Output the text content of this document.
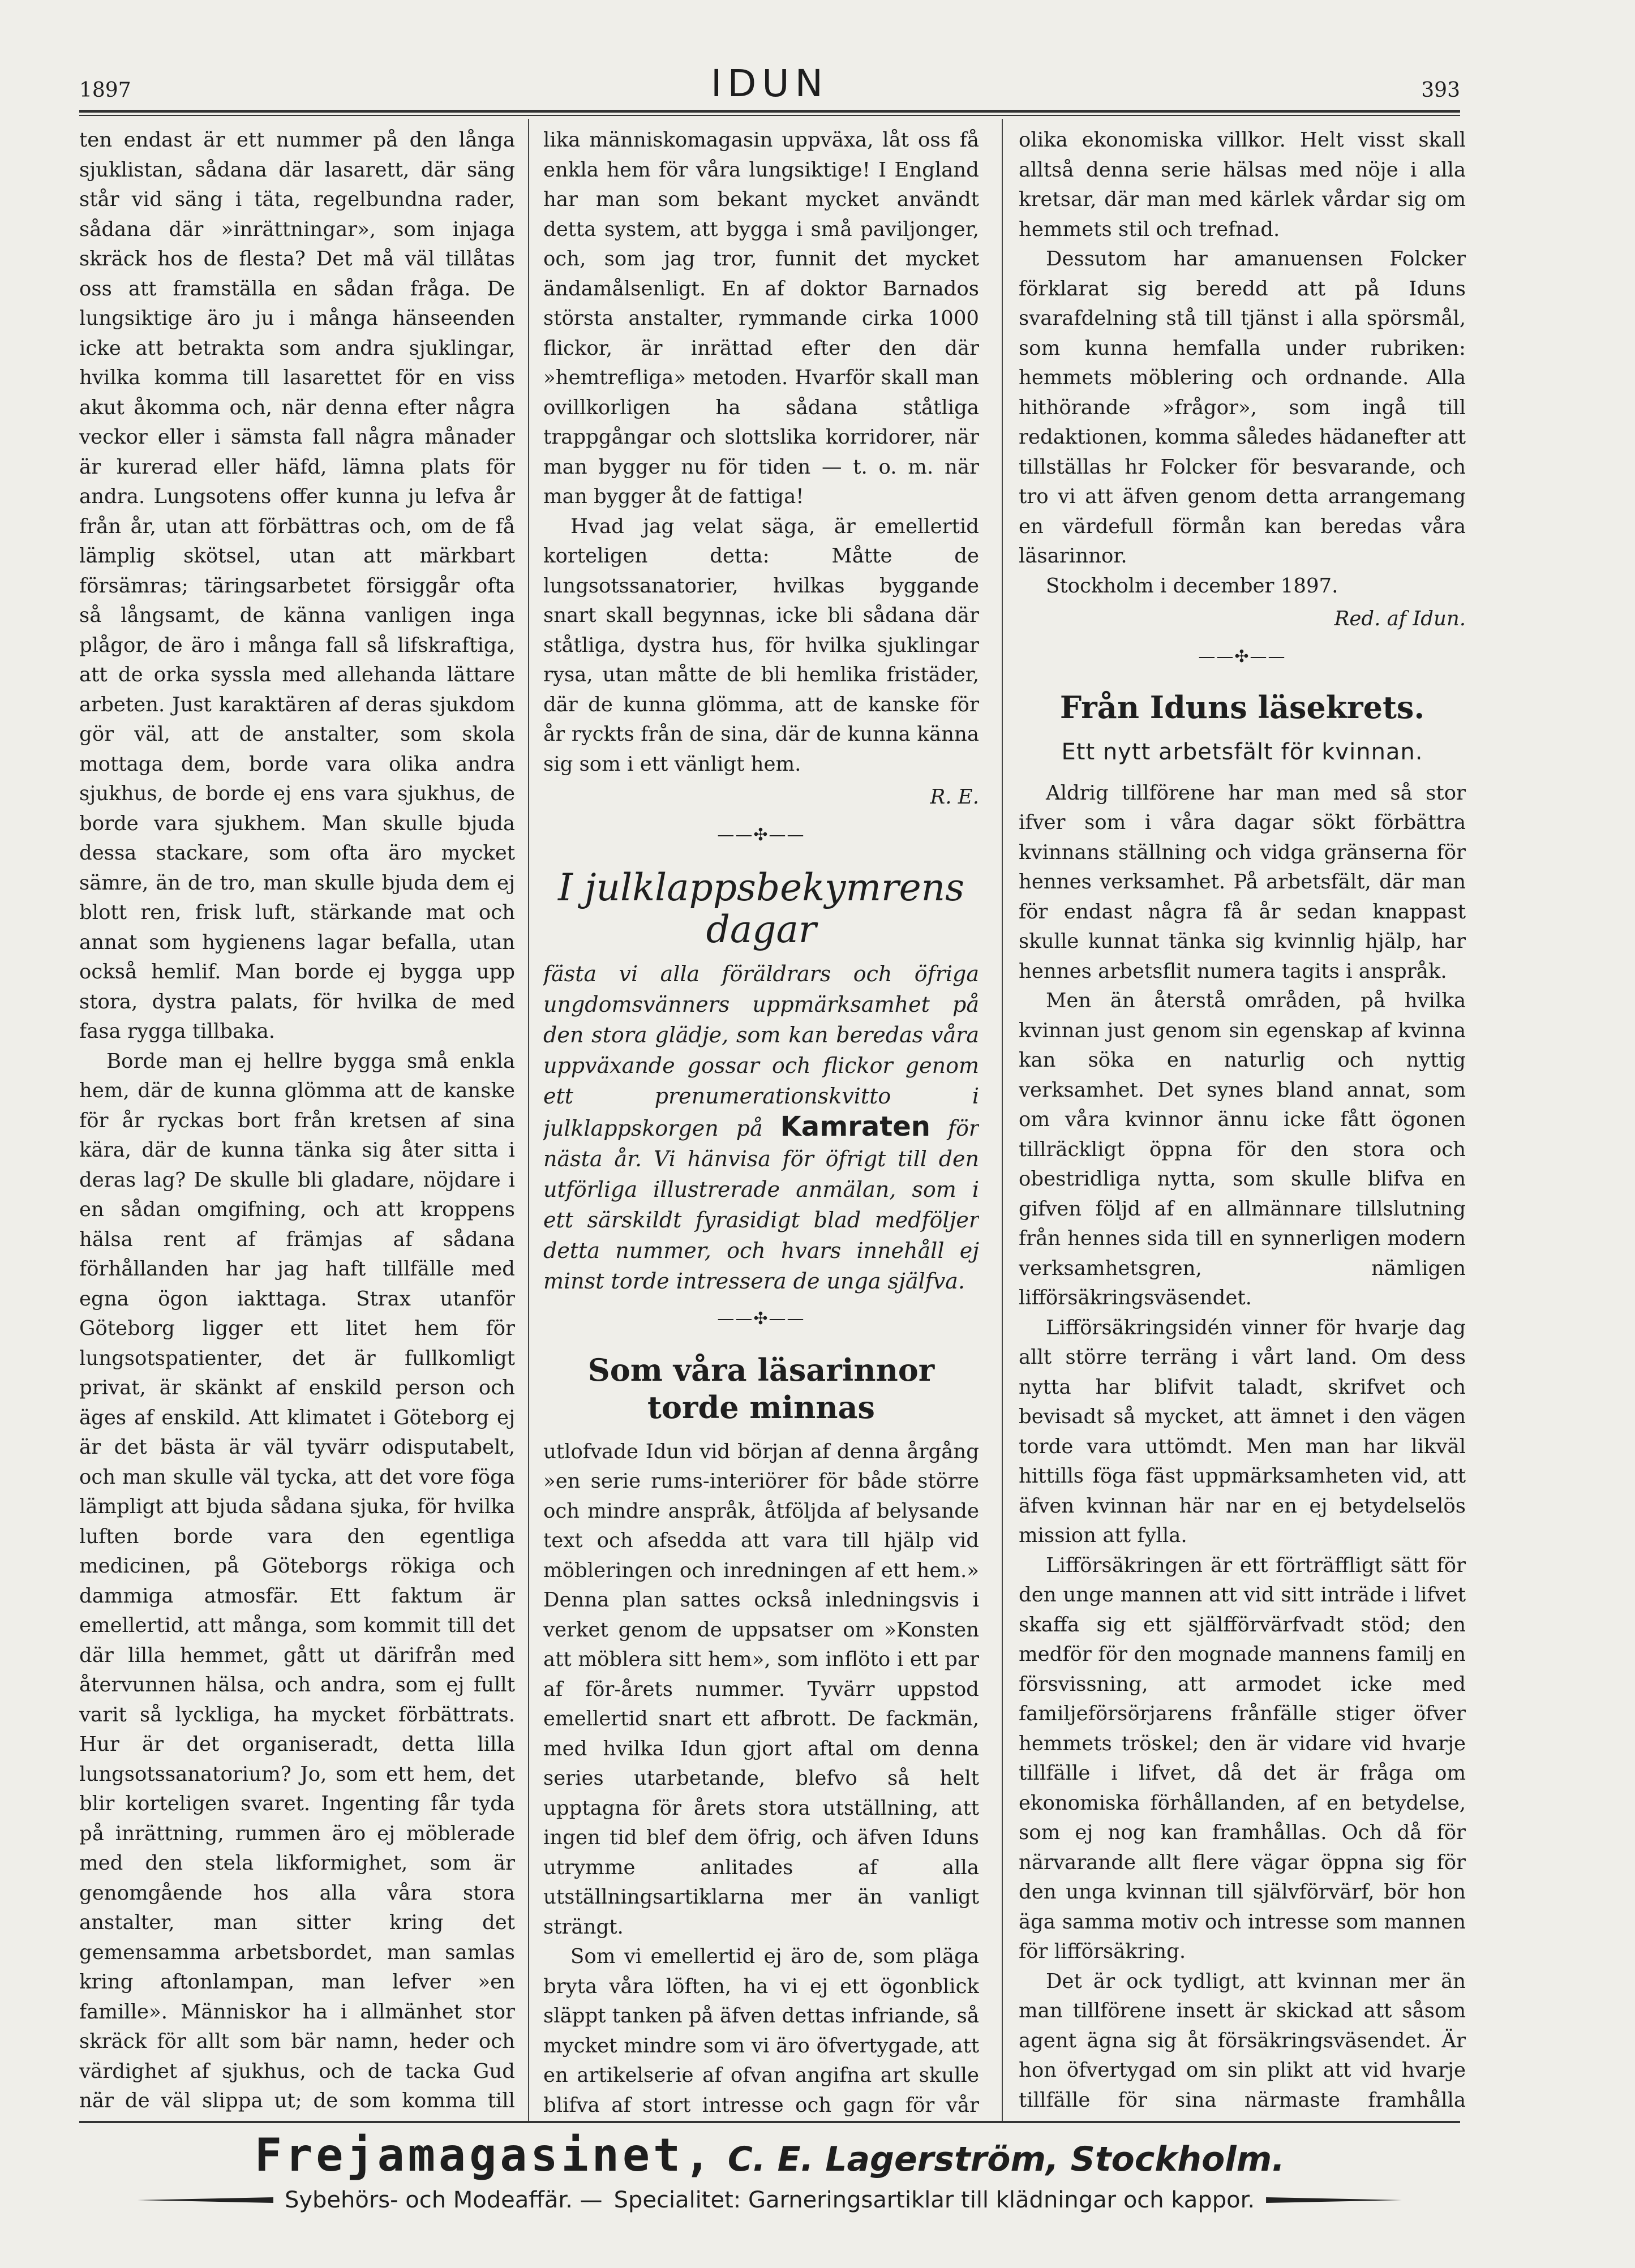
1897	IDUN	393

ten endast är ett nummer på den långa sjuklistan, sådana där lasarett, där säng står vid säng i täta, regelbundna rader, sådana där »inrättningar», som injaga skräck hos de flesta? Det må väl tillåtas oss att framställa en sådan fråga. De lungsiktige äro ju i många hänseenden icke att betrakta som andra sjuklingar, hvilka komma till lasarettet för en viss akut åkomma och, när denna efter några veckor eller i sämsta fall några månader är kurerad eller häfd, lämna plats för andra. Lungsotens offer kunna ju lefva år från år, utan att förbättras och, om de få lämplig skötsel, utan att märkbart försämras; täringsarbetet försiggår ofta så långsamt, de känna vanligen inga plågor, de äro i många fall så lifskraftiga, att de orka syssla med allehanda lättare arbeten. Just karaktären af deras sjukdom gör väl, att de anstalter, som skola mottaga dem, borde vara olika andra sjukhus, de borde ej ens vara sjukhus, de borde vara sjukhem. Man skulle bjuda dessa stackare, som ofta äro mycket sämre, än de tro, man skulle bjuda dem ej blott ren, frisk luft, stärkande mat och annat som hygienens lagar befalla, utan också hemlif. Man borde ej bygga upp stora, dystra palats, för hvilka de med fasa rygga tillbaka.

Borde man ej hellre bygga små enkla hem, där de kunna glömma att de kanske för år ryckas bort från kretsen af sina kära, där de kunna tänka sig åter sitta i deras lag? De skulle bli gladare, nöjdare i en sådan omgifning, och att kroppens hälsa rent af främjas af sådana förhållanden har jag haft tillfälle med egna ögon iakttaga. Strax utanför Göteborg ligger ett litet hem för lungsotspatienter, det är fullkomligt privat, är skänkt af enskild person och äges af enskild. Att klimatet i Göteborg ej är det bästa är väl tyvärr odisputabelt, och man skulle väl tycka, att det vore föga lämpligt att bjuda sådana sjuka, för hvilka luften borde vara den egentliga medicinen, på Göteborgs rökiga och dammiga atmosfär. Ett faktum är emellertid, att många, som kommit till det där lilla hemmet, gått ut därifrån med återvunnen hälsa, och andra, som ej fullt varit så lyckliga, ha mycket förbättrats. Hur är det organiseradt, detta lilla lungsotssanatorium? Jo, som ett hem, det blir korteligen svaret. Ingenting får tyda på inrättning, rummen äro ej möblerade med den stela likformighet, som är genomgående hos alla våra stora anstalter, man sitter kring det gemensamma arbetsbordet, man samlas kring aftonlampan, man lefver »en famille». Människor ha i allmänhet stor skräck för allt som bär namn, heder och värdighet af sjukhus, och de tacka Gud när de väl slippa ut; de som komma till

lika människomagasin uppväxa, låt oss få enkla hem för våra lungsiktige! I England har man som bekant mycket användt detta system, att bygga i små paviljonger, och, som jag tror, funnit det mycket ändamålsenligt. En af doktor Barnados största anstalter, rymmande cirka 1000 flickor, är inrättad efter den där »hemtrefliga» metoden. Hvarför skall man ovillkorligen ha sådana ståtliga trappgångar och slottslika korridorer, när man bygger nu för tiden — t. o. m. när man bygger åt de fattiga!

Hvad jag velat säga, är emellertid korteligen detta: Måtte de lungsotssanatorier, hvilkas byggande snart skall begynnas, icke bli sådana där ståtliga, dystra hus, för hvilka sjuklingar rysa, utan måtte de bli hemlika fristäder, där de kunna glömma, att de kanske för år ryckts från de sina, där de kunna känna sig som i ett vänligt hem.

R. E.
——✣——
I julklappsbekymrens dagar
fästa vi alla föräldrars och öfriga ungdomsvänners uppmärksamhet på den stora glädje, som kan beredas våra uppväxande gossar och flickor genom ett prenumerationskvitto i julklappskorgen på Kamraten för nästa år. Vi hänvisa för öfrigt till den utförliga illustrerade anmälan, som i ett särskildt fyrasidigt blad medföljer detta nummer, och hvars innehåll ej minst torde intressera de unga själfva.
——✣——
Som våra läsarinnor torde minnas

utlofvade Idun vid början af denna årgång »en serie rums-interiörer för både större och mindre anspråk, åtföljda af belysande text och afsedda att vara till hjälp vid möbleringen och inredningen af ett hem.» Denna plan sattes också inledningsvis i verket genom de uppsatser om »Konsten att möblera sitt hem», som inflöto i ett par af för-årets nummer. Tyvärr uppstod emellertid snart ett afbrott. De fackmän, med hvilka Idun gjort aftal om denna series utarbetande, blefvo så helt upptagna för årets stora utställning, att ingen tid blef dem öfrig, och äfven Iduns utrymme anlitades af alla utställningsartiklarna mer än vanligt strängt.

Som vi emellertid ej äro de, som pläga bryta våra löften, ha vi ej ett ögonblick släppt tanken på äfven dettas infriande, så mycket mindre som vi äro öfvertygade, att en artikelserie af ofvan angifna art skulle blifva af stort intresse och gagn för vår

olika ekonomiska villkor. Helt visst skall alltså denna serie hälsas med nöje i alla kretsar, där man med kärlek vårdar sig om hemmets stil och trefnad.

Dessutom har amanuensen Folcker förklarat sig beredd att på Iduns svarafdelning stå till tjänst i alla spörsmål, som kunna hemfalla under rubriken: hemmets möblering och ordnande. Alla hithörande »frågor», som ingå till redaktionen, komma således hädanefter att tillställas hr Folcker för besvarande, och tro vi att äfven genom detta arrangemang en värdefull förmån kan beredas våra läsarinnor.

Stockholm i december 1897.

Red. af Idun.
——✣——
Från Iduns läsekrets.
Ett nytt arbetsfält för kvinnan.

Aldrig tillförene har man med så stor ifver som i våra dagar sökt förbättra kvinnans ställning och vidga gränserna för hennes verksamhet. På arbetsfält, där man för endast några få år sedan knappast skulle kunnat tänka sig kvinnlig hjälp, har hennes arbetsflit numera tagits i anspråk.

Men än återstå områden, på hvilka kvinnan just genom sin egenskap af kvinna kan söka en naturlig och nyttig verksamhet. Det synes bland annat, som om våra kvinnor ännu icke fått ögonen tillräckligt öppna för den stora och obestridliga nytta, som skulle blifva en gifven följd af en allmännare tillslutning från hennes sida till en synnerligen modern verksamhetsgren, nämligen lifförsäkringsväsendet.

Lifförsäkringsidén vinner för hvarje dag allt större terräng i vårt land. Om dess nytta har blifvit taladt, skrifvet och bevisadt så mycket, att ämnet i den vägen torde vara uttömdt. Men man har likväl hittills föga fäst uppmärksamheten vid, att äfven kvinnan här nar en ej betydelselös mission att fylla.

Lifförsäkringen är ett förträffligt sätt för den unge mannen att vid sitt inträde i lifvet skaffa sig ett själfförvärfvadt stöd; den medför för den mognade mannens familj en försvissning, att armodet icke med familjeförsörjarens frånfälle stiger öfver hemmets tröskel; den är vidare vid hvarje tillfälle i lifvet, då det är fråga om ekonomiska förhållanden, af en betydelse, som ej nog kan framhållas. Och då för närvarande allt flere vägar öppna sig för den unga kvinnan till självförvärf, bör hon äga samma motiv och intresse som mannen för lifförsäkring.

Det är ock tydligt, att kvinnan mer än man tillförene insett är skickad att såsom agent ägna sig åt försäkringsväsendet. Är hon öfvertygad om sin plikt att vid hvarje tillfälle för sina närmaste framhålla

Frejamagasinet, C. E. Lagerström, Stockholm.
Sybehörs- och Modeaffär. — Specialitet: Garneringsartiklar till klädningar och kappor.
